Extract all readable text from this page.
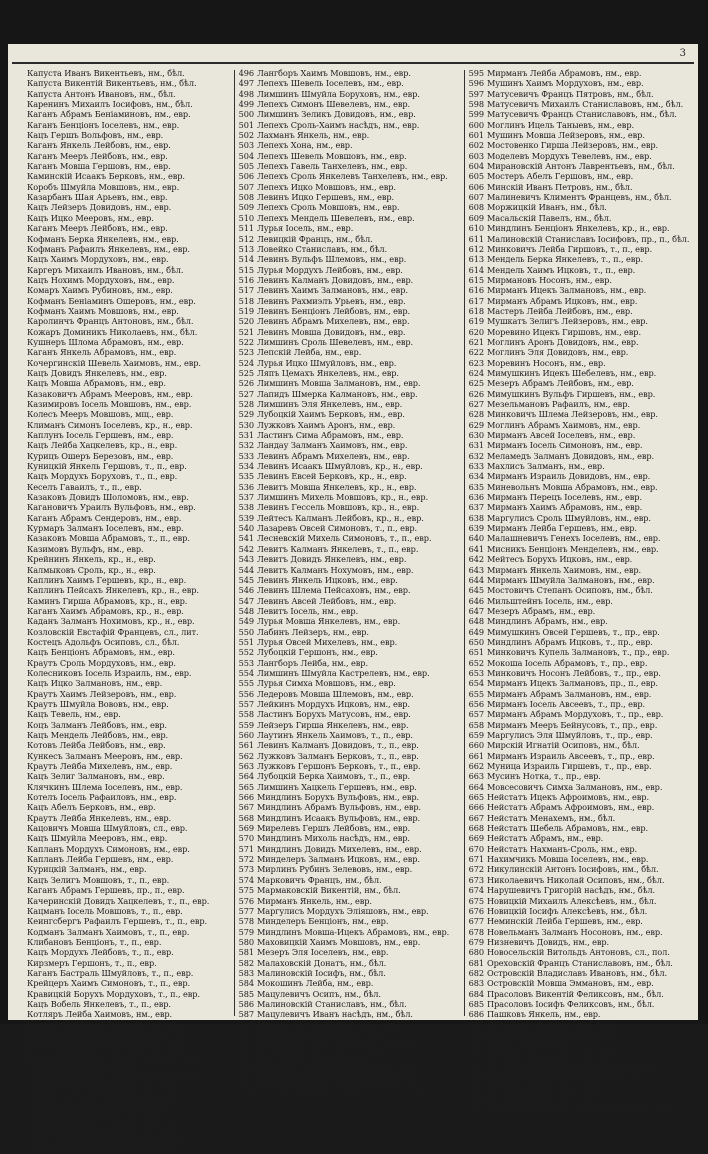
3
Капуста Иванъ Викентьевъ, нм., бѣл.
Капуста Викентій Викентьевъ, нм., бѣл.
Капуста Антонъ Ивановъ, нм., бѣл.
Каренинъ Михаилъ Іосифовъ, нм., бѣл.
Каганъ Абрамъ Беніаминовъ, нм., евр.
Каганъ Бенціонъ Іоселевъ, нм., евр.
Кацъ Гершъ Вольфовъ, нм., евр.
Каганъ Янкель Лейбовъ, нм., евр.
Каганъ Мееръ Лейбовъ, нм., евр.
Каганъ Мовша Гершовъ, нм., евр.
Каминскій Исаакъ Берковъ, нм., евр.
Коробъ Шмуйла Мовшовъ, нм., евр.
Казарбанъ Шая Арьевъ, нм., евр.
Кацъ Лейзеръ Довидовъ, нм., евр.
Кацъ Ицко Мееровъ, нм., евр.
Каганъ Мееръ Лейбовъ, нм., евр.
Кофманъ Берка Янкелевъ, нм., евр.
Кофманъ Рафаилъ Янкелевъ, нм., евр.
Кацъ Хаимъ Мордуховъ, нм., евр.
Каргеръ Михаилъ Ивановъ, нм., бѣл.
Кацъ Нохимъ Мордуховъ, нм., евр.
Комаръ Хаимъ Рубиновъ, нм., евр.
Кофманъ Беніаминъ Ошеровъ, нм., евр.
Кофманъ Хаимъ Мовшовъ, нм., евр.
Каролинчъ Францъ Антоновъ, нм., бѣл.
Кожаръ Доминикъ Николаевъ, нм., бѣл.
Кушнеръ Шлома Абрамовъ, нм., евр.
Каганъ Янкель Абрамовъ, нм., евр.
Кочергинскій Шевель Хаимовъ, нм., евр.
Кацъ Довидъ Янкелевъ, нм., евр.
Кацъ Мовша Абрамовъ, нм., евр.
Казаковичъ Абрамъ Мееровъ, нм., евр.
Казимировъ Іосель Мовшовъ, нм., евр.
Колесъ Мееръ Мовшовъ, мщ., евр.
Климанъ Симонъ Іоселевъ, кр., н., евр.
Каплунъ Іосель Гершевъ, нм., евр.
Кацъ Лейба Хацкелевъ, кр., н., евр.
Курицъ Ошеръ Березовъ, нм., евр.
Куницкій Янкель Гершовъ, т., п., евр.
Кацъ Мордухъ Боруховъ, т., п., евр.
Кеселъ Гаваилъ, т., п., евр.
Казаковъ Довидъ Шоломовъ, нм., евр.
Кагановичъ Ураилъ Вульфовъ, нм., евр.
Каганъ Абрамъ Сендеровъ, нм., евр.
Курмаръ Залманъ Іоселевъ, нм., евр.
Казаковъ Мовша Абрамовъ, т., п., евр.
Казимовъ Вульфъ, нм., евр.
Крейнинъ Янкель, кр., н., евр.
Калмыковъ Сроль, кр., н., евр.
Каплинъ Хаимъ Гершевъ, кр., н., евр.
Каплинъ Пейсахъ Янкелевъ, кр., н., евр.
Каминъ Гирша Абрамовъ, кр., н., евр.
Каганъ Хаимъ Абрамовъ, кр., н., евр.
Каданъ Залманъ Нохимовъ, кр., н., евр.
Козловскій Евстафій Францевъ, сл., лит.
Костецъ Адольфъ Осиповъ, сл., бѣл.
Кацъ Бенціонъ Абрамовъ, нм., евр.
Краутъ Сроль Мордуховъ, нм., евр.
Колесниковъ Іосель Израиль, нм., евр.
Кацъ Ицко Залмановъ, нм., евр.
Краутъ Хаимъ Лейзеровъ, нм., евр.
Краутъ Шмуйла Вововъ, нм., евр.
Кацъ Тевель, нм., евр.
Коцъ Залманъ Лейбовъ, нм., евр.
Кацъ Мендель Лейбовъ, нм., евр.
Котовъ Лейба Лейбовъ, нм., евр.
Кункесъ Залманъ Мееровъ, нм., евр.
Краутъ Лейба Михелевъ, нм., евр.
Кацъ Зелиг Залмановъ, нм., евр.
Клячкинъ Шлема Іоселевъ, нм., евр.
Котелъ Іосель Рафаиловъ, нм., евр.
Кацъ Абелъ Берковъ, нм., евр.
Краутъ Лейба Янкелевъ, нм., евр.
Кацовичъ Мовша Шмуйловъ, сл., евр.
Кацъ Шмуйла Мееровъ, нм., евр.
Капланъ Мордухъ Симоновъ, нм., евр.
Капланъ Лейба Гершевъ, нм., евр.
Курицкій Залманъ, нм., евр.
Кацъ Зелигъ Мовшовъ, т., п., евр.
Каганъ Абрамъ Гершевъ, пр., п., евр.
Качеринскій Довидъ Хацкелевъ, т., п., евр.
Кацманъ Іосель Мовшовъ, т., п., евр.
Кеингсбергъ Рафаилъ Гершевъ, т., п., евр.
Кодманъ Залманъ Хаимовъ, т., п., евр.
Клибановъ Бенціонъ, т., п., евр.
Кацъ Мордухъ Лейбовъ, т., п., евр.
Кирзмеръ Гершонъ, т., п., евр.
Каганъ Бастраль Шмуйловъ, т., п., евр.
Крейцеръ Хаимъ Симоновъ, т., п., евр.
Кравицкій Борухъ Мордуховъ, т., п., евр.
Кацъ Вобель Янкелевъ, т., п., евр.
Котляръ Лейба Хаимовъ, нм., евр.
Кравицкій Абрамъ Исаковъ, нм., евр.
Кравицкій Янкель Абрамовъ, нм., евр.
Казанкеръ Борухъ Іоселевъ, нм., евр.
Казанскій Мендель Мордуховъ, нм., евр.
Лимшинъ Лиона, нм., евр.
Лукашевичъ Ильюсъ Осиповъ, нм., бѣл.
Лимшинъ Шмуйла насѣдъ, нм., евр.
Левинъ Залманъ Гершевъ, нм., евр.
Лепехъ Іосель Шевелевъ, нм., евр.
Лепехъ Еля Симоновъ, нм., евр.
Лимшинъ Зеликъ Абелевъ, нм., евр.
Лангборъ Зелигъ Мовшовъ, нм., евр.
Лангборъ Іосель Мовшовъ, нм., евр.
496 Лангборъ Хаимъ Мовшовъ, нм., евр.
497 Лепехъ Шевель Іоселевъ, нм., евр.
498 Лимшинъ Шмуйла Боруховъ, нм., евр.
499 Лепехъ Симонъ Шевелевъ, нм., евр.
500 Лимшинъ Зеликъ Довидовъ, нм., евр.
501 Лепехъ Сроль-Хаимъ насѣдъ, нм., евр.
502 Лахманъ Янкель, нм., евр.
503 Лепехъ Хона, нм., евр.
504 Лепехъ Шевель Мовшовъ, нм., евр.
505 Лепехъ Гавель Танхелевъ, нм., евр.
506 Лепехъ Сроль Янкелевъ Танхелевъ, нм., евр.
507 Лепехъ Ицко Мовшовъ, нм., евр.
508 Левинъ Ицко Гершевъ, нм., евр.
509 Лепехъ Сроль Мовшовъ, нм., евр.
510 Лепехъ Мендель Шевелевъ, нм., евр.
511 Лурья Іосель, нм., евр.
512 Левицкій Францъ, нм., бѣл.
513 Ловейко Станиславъ, нм., бѣл.
514 Левинъ Вульфъ Шлемовъ, нм., евр.
515 Лурья Мордухъ Лейбовъ, нм., евр.
516 Левинъ Калманъ Довидовъ, нм., евр.
517 Левинъ Хаимъ Залмановъ, нм., евр.
518 Левинъ Рахмиэлъ Урьевъ, нм., евр.
519 Левинъ Бенціонъ Лейбовъ, нм., евр.
520 Левинъ Абрамъ Михелевъ, нм., евр.
521 Левинъ Мовша Довидовъ, нм., евр.
522 Лимшинъ Сроль Шевелевъ, нм., евр.
523 Лепскій Лейба, нм., евр.
524 Лурья Ицко Шмуйловъ, нм., евр.
525 Ляпъ Цемахъ Янкелевъ, нм., евр.
526 Лимшинъ Мовша Залмановъ, нм., евр.
527 Лапидъ Шмерка Калмановъ, нм., евр.
528 Лимшинъ Эля Янкелевъ, нм., евр.
529 Лубоцкій Хаимъ Берковъ, нм., евр.
530 Лужковъ Хаимъ Аронъ, нм., евр.
531 Ластинъ Сима Абрамовъ, нм., евр.
532 Ландау Залманъ Хаимовъ, нм., евр.
533 Левинъ Абрамъ Михелевъ, нм., евр.
534 Левинъ Исаакъ Шмуйловъ, кр., н., евр.
535 Левинъ Евсей Берковъ, кр., н., евр.
536 Левитъ Мовша Янкелевъ, кр., н., евр.
537 Лимшинъ Михель Мовшовъ, кр., н., евр.
538 Левинъ Гессель Мовшовъ, кр., н., евр.
539 Лейтесъ Калманъ Лейбовъ, кр., н., евр.
540 Лазаревъ Овсей Симоновъ, т., п., евр.
541 Лесневскій Михель Симоновъ, т., п., евр.
542 Левитъ Калманъ Янкелевъ, т., п., евр.
543 Левитъ Довидъ Янкелевъ, нм., евр.
544 Левитъ Калманъ Нохумовъ, нм., евр.
545 Левинъ Янкель Ицковъ, нм., евр.
546 Левинъ Шлема Пейсаховъ, нм., евр.
547 Левинъ Авсей Лейбовъ, нм., евр.
548 Левитъ Іосель, нм., евр.
549 Лурья Мовша Янкелевъ, нм., евр.
550 Лабинъ Лейзеръ, нм., евр.
551 Лурья Овсей Михелевъ, нм., евр.
552 Лубоцкій Гершонъ, нм., евр.
553 Лангборъ Лейба, нм., евр.
554 Лимшинъ Шмуйла Кастрелевъ, нм., евр.
555 Лурья Симха Мовшовъ, нм., евр.
556 Ледеровъ Мовша Шлемовъ, нм., евр.
557 Лейкинъ Мордухъ Ицковъ, нм., евр.
558 Ластинъ Борухъ Матусовъ, нм., евр.
559 Лейзеръ Гирша Янкелевъ, нм., евр.
560 Лаутинъ Янкель Хаимовъ, т., п., евр.
561 Левинъ Калманъ Довидовъ, т., п., евр.
562 Лужковъ Залманъ Берковъ, т., п., евр.
563 Лужковъ Гершонъ Берковъ, т., п., евр.
564 Лубоцкій Берка Хаимовъ, т., п., евр.
565 Лимшинъ Хацкель Гершевъ, нм., евр.
566 Миндлинъ Борухъ Вульфовъ, нм., евр.
567 Миндлинъ Абрамъ Вульфовъ, нм., евр.
568 Миндлинъ Исаакъ Вульфовъ, нм., евр.
569 Мирелевъ Гершъ Лейбовъ, нм., евр.
570 Миндлинъ Михоль насѣдъ, нм., евр.
571 Миндлинъ Довидъ Михелевъ, нм., евр.
572 Минделеръ Залманъ Ицковъ, нм., евр.
573 Мирлинъ Рубинъ Зелевовъ, нм., евр.
574 Марковичъ Францъ, нм., бѣл.
575 Мармаковскій Викентій, нм., бѣл.
576 Мирманъ Янкель, нм., евр.
577 Маргулисъ Мордухъ Эліяшовъ, нм., евр.
578 Минделеръ Бенціонъ, нм., евр.
579 Миндлинъ Мовша-Ицекъ Абрамовъ, нм., евр.
580 Маховицкій Хаимъ Мовшовъ, нм., евр.
581 Мезеръ Эля Іоселевъ, нм., евр.
582 Малаховскій Донатъ, нм., бѣл.
583 Малиновскій Іосифъ, нм., бѣл.
584 Мокошинъ Лейба, нм., евр.
585 Мацулевичъ Осипъ, нм., бѣл.
586 Малиновскій Станиславъ, нм., бѣл.
587 Мацулевичъ Иванъ насѣдъ, нм., бѣл.
588 Миконъ Мовша Ицковъ, нм., евр.
589 Мизиневичъ Донатъ, нм., бѣл.
590 Миконенко Лейба Абрамовъ, нм., евр.
591 Мацулевичъ Францъ, нм., бѣл.
592 Муксинъ Лейзеръ Шлемовъ, нм., евр.
593 Моглинъ Мордухъ Мовшовъ, нм., евр.
594 Моглинъ Шмуйла Мордуховъ, нм., евр.
595 Мирманъ Лейба Абрамовъ, нм., евр.
596 Мушинъ Хаимъ Мордуховъ, нм., евр.
597 Матусевичъ Францъ Пятровъ, нм., бѣл.
598 Матусевичъ Михаилъ Станиславовъ, нм., бѣл.
599 Матусевичъ Францъ Станиславовъ, нм., бѣл.
600 Моглинъ Ицель Таныевъ, нм., евр.
601 Мушинъ Мовша Лейзеровъ, нм., евр.
602 Мостовенко Гирша Лейзеровъ, нм., евр.
603 Моделевъ Мордухъ Тевелевъ, нм., евр.
604 Мирановскій Антонъ Лаврентьевъ, нм., бѣл.
605 Мостеръ Абелъ Гершовъ, нм., евр.
606 Минскій Иванъ Петровъ, нм., бѣл.
607 Малиневичъ Климентъ Францевъ, нм., бѣл.
608 Моржицкій Иванъ, нм., бѣл.
609 Масальскій Павелъ, нм., бѣл.
610 Миндлинъ Бенціонъ Янкелевъ, кр., н., евр.
611 Малиновскій Станиславъ Іосифовъ, пр., п., бѣл.
612 Минковичъ Лейба Гиршовъ, т., п., евр.
613 Мендель Берка Янкелевъ, т., п., евр.
614 Мендель Хаимъ Ицковъ, т., п., евр.
615 Мирмановъ Носонъ, нм., евр.
616 Мирманъ Ицекъ Залмановъ, нм., евр.
617 Мирманъ Абрамъ Ицковъ, нм., евр.
618 Мастеръ Лейба Лейбовъ, нм., евр.
619 Мушкатъ Зелигъ Лейзеровъ, нм., евр.
620 Моревино Ицекъ Гиршовъ, нм., евр.
621 Моглинъ Аронъ Довидовъ, нм., евр.
622 Моглинъ Эля Довидовъ, нм., евр.
623 Моревинъ Носонъ, нм., евр.
624 Мимушкинъ Ицекъ Шебелевъ, нм., евр.
625 Мезеръ Абрамъ Лейбовъ, нм., евр.
626 Мимушкинъ Вульфъ Гиршевъ, нм., евр.
627 Мезельмановъ Рафаилъ, нм., евр.
628 Минковичъ Шлема Лейзеровъ, нм., евр.
629 Моглинъ Абрамъ Хаимовъ, нм., евр.
630 Мирманъ Авсей Іоселевъ, нм., евр.
631 Мирманъ Іосель Симоновъ, нм., евр.
632 Меламедъ Залманъ Довидовъ, нм., евр.
633 Махлисъ Залманъ, нм., евр.
634 Мирманъ Израиль Довидовъ, нм., евр.
635 Миневольнъ Мовша Абрамовъ, нм., евр.
636 Мирманъ Перецъ Іоселевъ, нм., евр.
637 Мирманъ Хаимъ Абрамовъ, нм., евр.
638 Маргулисъ Сроль Шмуйловъ, нм., евр.
639 Мирманъ Лейба Гершевъ, нм., евр.
640 Малашневичъ Генехъ Іоселевъ, нм., евр.
641 Мисникъ Бенціонъ Менделевъ, нм., евр.
642 Мейтесъ Борухъ Ицковъ, нм., евр.
643 Мирманъ Янкель Хаимовъ, нм., евр.
644 Мирманъ Шмуйла Залмановъ, нм., евр.
645 Мостовичъ Степанъ Осиповъ, нм., бѣл.
646 Мильштейнъ Іосель, нм., евр.
647 Мезеръ Абрамъ, нм., евр.
648 Миндлинъ Абрамъ, нм., евр.
649 Мимушкинъ Овсей Гершевъ, т., пр., евр.
650 Миндлинъ Абрамъ Ицковъ, т., пр., евр.
651 Минковичъ Купель Залмановъ, т., пр., евр.
652 Мокоша Іосель Абрамовъ, т., пр., евр.
653 Минковичъ Носонъ Лейбовъ, т., пр., евр.
654 Мирманъ Ицекъ Залмановъ, пр., п., евр.
655 Мирманъ Абрамъ Залмановъ, нм., евр.
656 Мирманъ Іосель Авсеевъ, т., пр., евр.
657 Мирманъ Абрамъ Мордуховъ, т., пр., евр.
658 Мирманъ Мееръ Бейнусовъ, т., пр., евр.
659 Маргулисъ Эля Шмуйловъ, т., пр., евр.
660 Мирскій Игнатій Осиповъ, нм., бѣл.
661 Мирманъ Израиль Авсеевъ, т., пр., евр.
662 Муница Израиль Гиршевъ, т., пр., евр.
663 Мусинъ Нотка, т., пр., евр.
664 Мовсесовичъ Симха Залмановъ, нм., евр.
665 Нейстатъ Ицекъ Афроимовъ, нм., евр.
666 Нейстатъ Абрамъ Афроимовъ, нм., евр.
667 Нейстатъ Менахемъ, нм., бѣл.
668 Нейстатъ Шебель Абрамовъ, нм., евр.
669 Нейстатъ Абрамъ, нм., евр.
670 Нейстатъ Нахманъ-Сроль, нм., евр.
671 Нахимчикъ Мовша Іоселевъ, нм., евр.
672 Никулинскій Антонъ Іосифовъ, нм., бѣл.
673 Николаевичъ Николай Осиповъ, нм., бѣл.
674 Нарушевичъ Григорій насѣдъ, нм., бѣл.
675 Новицкій Михаилъ Алексѣевъ, нм., бѣл.
676 Новицкій Іосифъ Алексѣевъ, нм., бѣл.
677 Неминскій Лейба Гершевъ, нм., евр.
678 Новельманъ Залманъ Носоновъ, нм., евр.
679 Низневичъ Довидъ, нм., евр.
680 Новосельскій Витольдъ Антоновъ, сл., пол.
681 Ореховскій Францъ Станиславовъ, нм., бѣл.
682 Островскій Владиславъ Ивановъ, нм., бѣл.
683 Островскій Мовша Эммановъ, нм., евр.
684 Прасоловъ Викентій Феликсовъ, нм., бѣл.
685 Прасоловъ Іосифъ Феликсовъ, нм., бѣл.
686 Пашковъ Янкель, нм., евр.
687 Петровичъ Феликсъ, нм., бѣл.
688 Палей Берка насѣдъ, нм., евр.
689 Пелтъ Эля, нм., евр.
690 Пугачко Александръ, нм., бѣл.
691 Прогеръ Абрамъ-Ицекъ насѣдъ, нм., евр.
692 Пасманъ Митель Шмуйловъ, нм., евр.
693 Полякъ Залманъ, нм., евр.
694 Прогеръ Довидъ, нм., евр.
695 Пожарскій Антонъ Станиславовъ, нм., бѣл.
